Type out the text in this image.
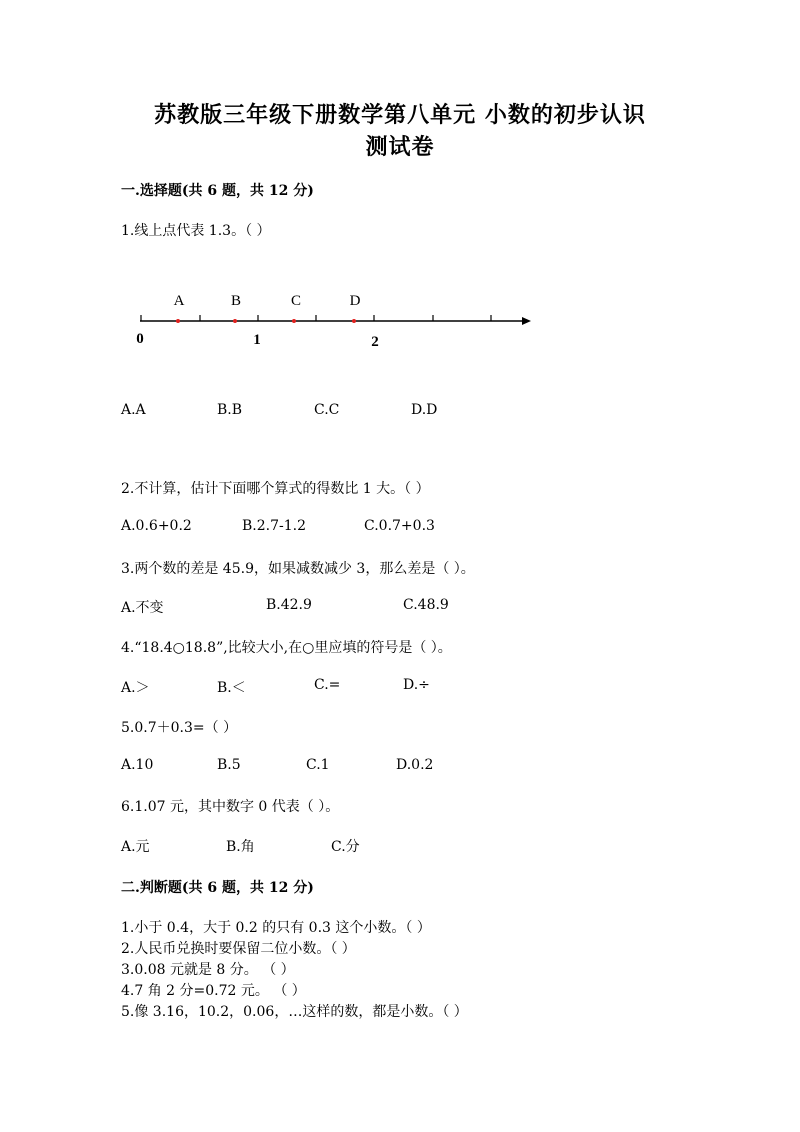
苏教版三年级下册数学第八单元 小数的初步认识
测试卷
一.选择题(共 6 题，共 12 分)
1.线上点代表 1.3。（ ）
A	B	C	D
0	1	2
A.A	B.B	C.C	D.D
2.不计算，估计下面哪个算式的得数比 1 大。（ ）
A.0.6+0.2	B.2.7-1.2	C.0.7+0.3
3.两个数的差是 45.9，如果减数减少 3，那么差是（ ）。
A.不变	B.42.9	C.48.9
4.“18.4○18.8”,比较大小,在○里应填的符号是（ ）。
A.＞	B.＜	C.=	D.÷
5.0.7＋0.3=（ ）
A.10	B.5	C.1	D.0.2
6.1.07 元，其中数字 0 代表（ ）。
A.元	B.角	C.分
二.判断题(共 6 题，共 12 分)
1.小于 0.4，大于 0.2 的只有 0.3 这个小数。（ ）
2.人民币兑换时要保留二位小数。（ ）
3.0.08 元就是 8 分。 （ ）
4.7 角 2 分=0.72 元。 （ ）
5.像 3.16，10.2，0.06，…这样的数，都是小数。（ ）
